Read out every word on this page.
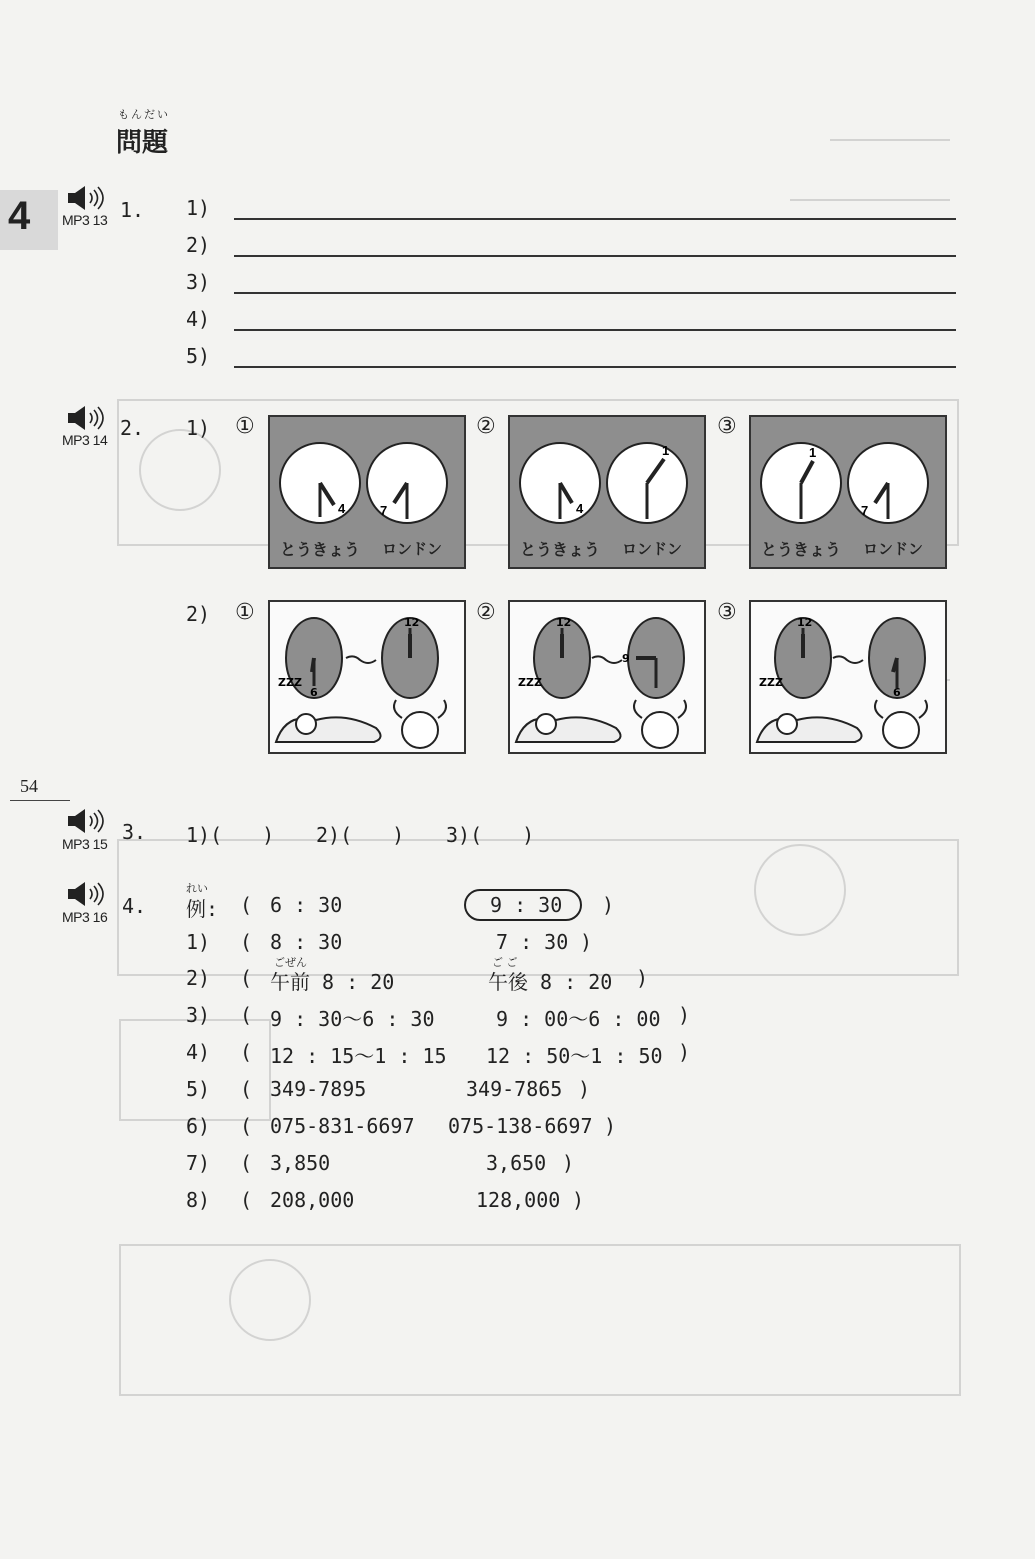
もんだい
問題
4 MP3 13 1. 1)
2)
3)
4)
5)
MP3 14 2. 1) ①
4	7
とうきょう ロンドン
②
4
1
とうきょう ロンドン
③
1
7
とうきょう ロンドン
2) ①
6
12
ZZZ
②	12
9
ZZZ
③	12
6
ZZZ
54
MP3 15 3. 1)(　　) 2)(　　) 3)(　　)
MP3 16 4.
れい
例: ( 6 : 30	9 : 30 )
1) ( 8 : 30	7 : 30 )
ごぜん	ご ご
2) ( 午前 8 : 20	午後 8 : 20 )
3) ( 9 : 30～6 : 30	9 : 00～6 : 00 )
4) ( 12 : 15～1 : 15 12 : 50～1 : 50 )
5) ( 349-7895	349-7865 )
6) ( 075-831-6697 075-138-6697 )
7) ( 3,850	3,650 )
8) ( 208,000	128,000 )
